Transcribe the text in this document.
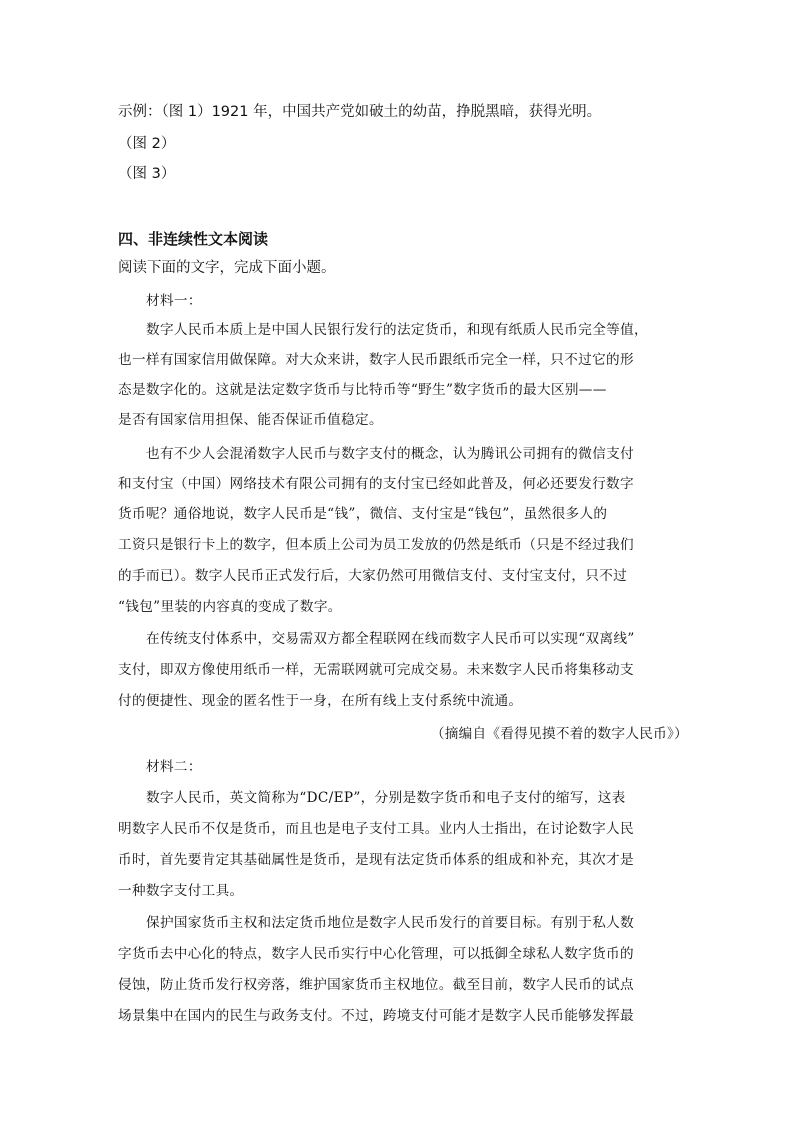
示例：（图 1）1921 年，中国共产党如破土的幼苗，挣脱黑暗，获得光明。
（图 2）
（图 3）
四、非连续性文本阅读
阅读下面的文字，完成下面小题。
材料一：
数字人民币本质上是中国人民银行发行的法定货币，和现有纸质人民币完全等值，
也一样有国家信用做保障。对大众来讲，数字人民币跟纸币完全一样，只不过它的形
态是数字化的。这就是法定数字货币与比特币等“野生”数字货币的最大区别——
是否有国家信用担保、能否保证币值稳定。
也有不少人会混淆数字人民币与数字支付的概念，认为腾讯公司拥有的微信支付
和支付宝（中国）网络技术有限公司拥有的支付宝已经如此普及，何必还要发行数字
货币呢？通俗地说，数字人民币是“钱”，微信、支付宝是“钱包”，虽然很多人的
工资只是银行卡上的数字，但本质上公司为员工发放的仍然是纸币（只是不经过我们
的手而已）。数字人民币正式发行后，大家仍然可用微信支付、支付宝支付，只不过
“钱包”里装的内容真的变成了数字。
在传统支付体系中，交易需双方都全程联网在线而数字人民币可以实现“双离线”
支付，即双方像使用纸币一样，无需联网就可完成交易。未来数字人民币将集移动支
付的便捷性、现金的匿名性于一身，在所有线上支付系统中流通。
（摘编自《看得见摸不着的数字人民币》）
材料二：
数字人民币，英文简称为“DC/EP”，分别是数字货币和电子支付的缩写，这表
明数字人民币不仅是货币，而且也是电子支付工具。业内人士指出，在讨论数字人民
币时，首先要肯定其基础属性是货币，是现有法定货币体系的组成和补充，其次才是
一种数字支付工具。
保护国家货币主权和法定货币地位是数字人民币发行的首要目标。有别于私人数
字货币去中心化的特点，数字人民币实行中心化管理，可以抵御全球私人数字货币的
侵蚀，防止货币发行权旁落，维护国家货币主权地位。截至目前，数字人民币的试点
场景集中在国内的民生与政务支付。不过，跨境支付可能才是数字人民币能够发挥最
